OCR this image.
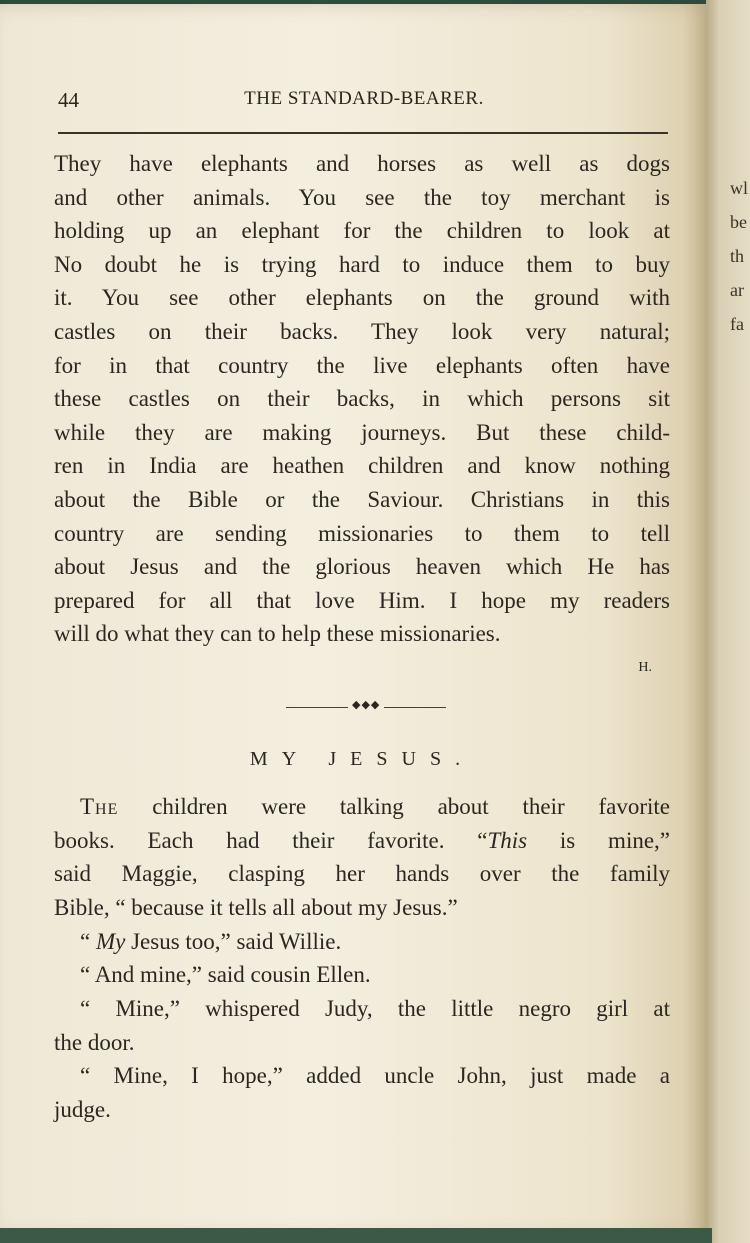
44	THE STANDARD-BEARER.
They have elephants and horses as well as dogs
and other animals. You see the toy merchant is
holding up an elephant for the children to look at
No doubt he is trying hard to induce them to buy
it. You see other elephants on the ground with
castles on their backs. They look very natural;
for in that country the live elephants often have
these castles on their backs, in which persons sit
while they are making journeys. But these child-
ren in India are heathen children and know nothing
about the Bible or the Saviour. Christians in this
country are sending missionaries to them to tell
about Jesus and the glorious heaven which He has
prepared for all that love Him. I hope my readers
will do what they can to help these missionaries.
H.
◆◆◆
MY JESUS.
The children were talking about their favorite
books. Each had their favorite. “This is mine,”
said Maggie, clasping her hands over the family
Bible, “ because it tells all about my Jesus.”
“ My Jesus too,” said Willie.
“ And mine,” said cousin Ellen.
“ Mine,” whispered Judy, the little negro girl at
the door.
“ Mine, I hope,” added uncle John, just made a
judge.
wl
be
th
ar
fa
